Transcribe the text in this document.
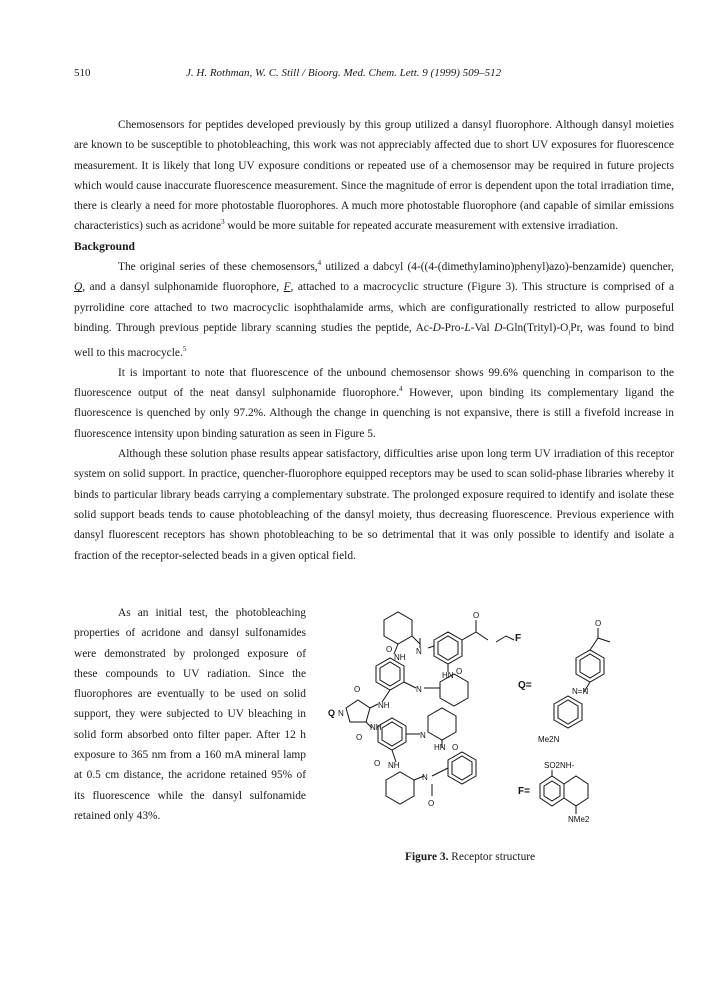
510	J. H. Rothman, W. C. Still / Bioorg. Med. Chem. Lett. 9 (1999) 509–512

Chemosensors for peptides developed previously by this group utilized a dansyl fluorophore. Although dansyl moieties are known to be susceptible to photobleaching, this work was not appreciably affected due to short UV exposures for fluorescence measurement. It is likely that long UV exposure conditions or repeated use of a chemosensor may be required in future projects which would cause inaccurate fluorescence measurement. Since the magnitude of error is dependent upon the total irradiation time, there is clearly a need for more photostable fluorophores. A much more photostable fluorophore (and capable of similar emissions characteristics) such as acridone$^3$ would be more suitable for repeated accurate measurement with extensive irradiation.

Background

The original series of these chemosensors,$^4$ utilized a dabcyl (4-((4-(dimethylamino)phenyl)azo)-benzamide) quencher, Q, and a dansyl sulphonamide fluorophore, F, attached to a macrocyclic structure (Figure 3). This structure is comprised of a pyrrolidine core attached to two macrocyclic isophthalamide arms, which are configurationally restricted to allow purposeful binding. Through previous peptide library scanning studies the peptide, Ac-D-Pro-L-Val $D-Gln(Trityl)-O_iPr$, was found to bind well to this macrocycle.$^5$

It is important to note that fluorescence of the unbound chemosensor shows 99.6% quenching in comparison to the fluorescence output of the neat dansyl sulphonamide fluorophore.$^4$ However, upon binding its complementary ligand the fluorescence is quenched by only 97.2%. Although the change in quenching is not expansive, there is still a fivefold increase in fluorescence intensity upon binding saturation as seen in Figure 5.

Although these solution phase results appear satisfactory, difficulties arise upon long term UV irradiation of this receptor system on solid support. In practice, quencher-fluorophore equipped receptors may be used to scan solid-phase libraries whereby it binds to particular library beads carrying a complementary substrate. The prolonged exposure required to identify and isolate these solid support beads tends to cause photobleaching of the dansyl moiety, thus decreasing fluorescence. Previous experience with dansyl fluorescent receptors has shown photobleaching to be so detrimental that it was only possible to identify and isolate a fraction of the receptor-selected beads in a given optical field.

As an initial test, the photobleaching properties of acridone and dansyl sulfonamides were demonstrated by prolonged exposure of these compounds to UV radiation. Since the fluorophores are eventually to be used on solid support, they were subjected to UV bleaching in solid form absorbed onto filter paper. After 12 h exposure to 365 nm from a 160 mA mineral lamp at 0.5 cm distance, the acridone retained 95% of its fluorescence while the dansyl sulfonamide retained only 43%.

F
O
N
O
NH
HN O
O	N
NH
Q N
NH
O	N
HN O
O NH
N
O
O
N=N
Me2N
SO2NH-
NMe2
Q=
F=
Figure 3. Receptor structure
